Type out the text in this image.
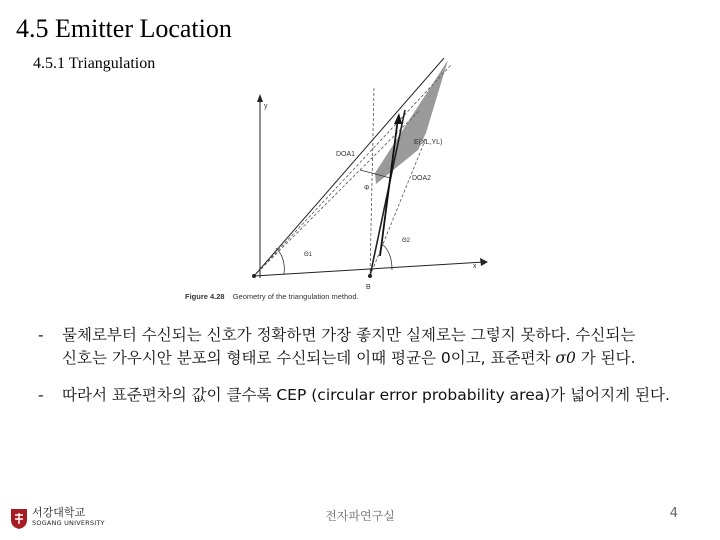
4.5 Emitter Location
4.5.1 Triangulation
y
x
DOA1
DOA2
E(XL,YL)
Φ
Θ1
Θ2
B
Figure 4.28 Geometry of the triangulation method.
- 물체로부터 수신되는 신호가 정확하면 가장 좋지만 실제로는 그렇지 못하다. 수신되는
신호는 가우시안 분포의 형태로 수신되는데 이때 평균은 0이고, 표준편차 σ0 가 된다.
- 따라서 표준편차의 값이 클수록 CEP (circular error probability area)가 넓어지게 된다.
서강대학교
SOGANG UNIVERSITY	전자파연구실	4
